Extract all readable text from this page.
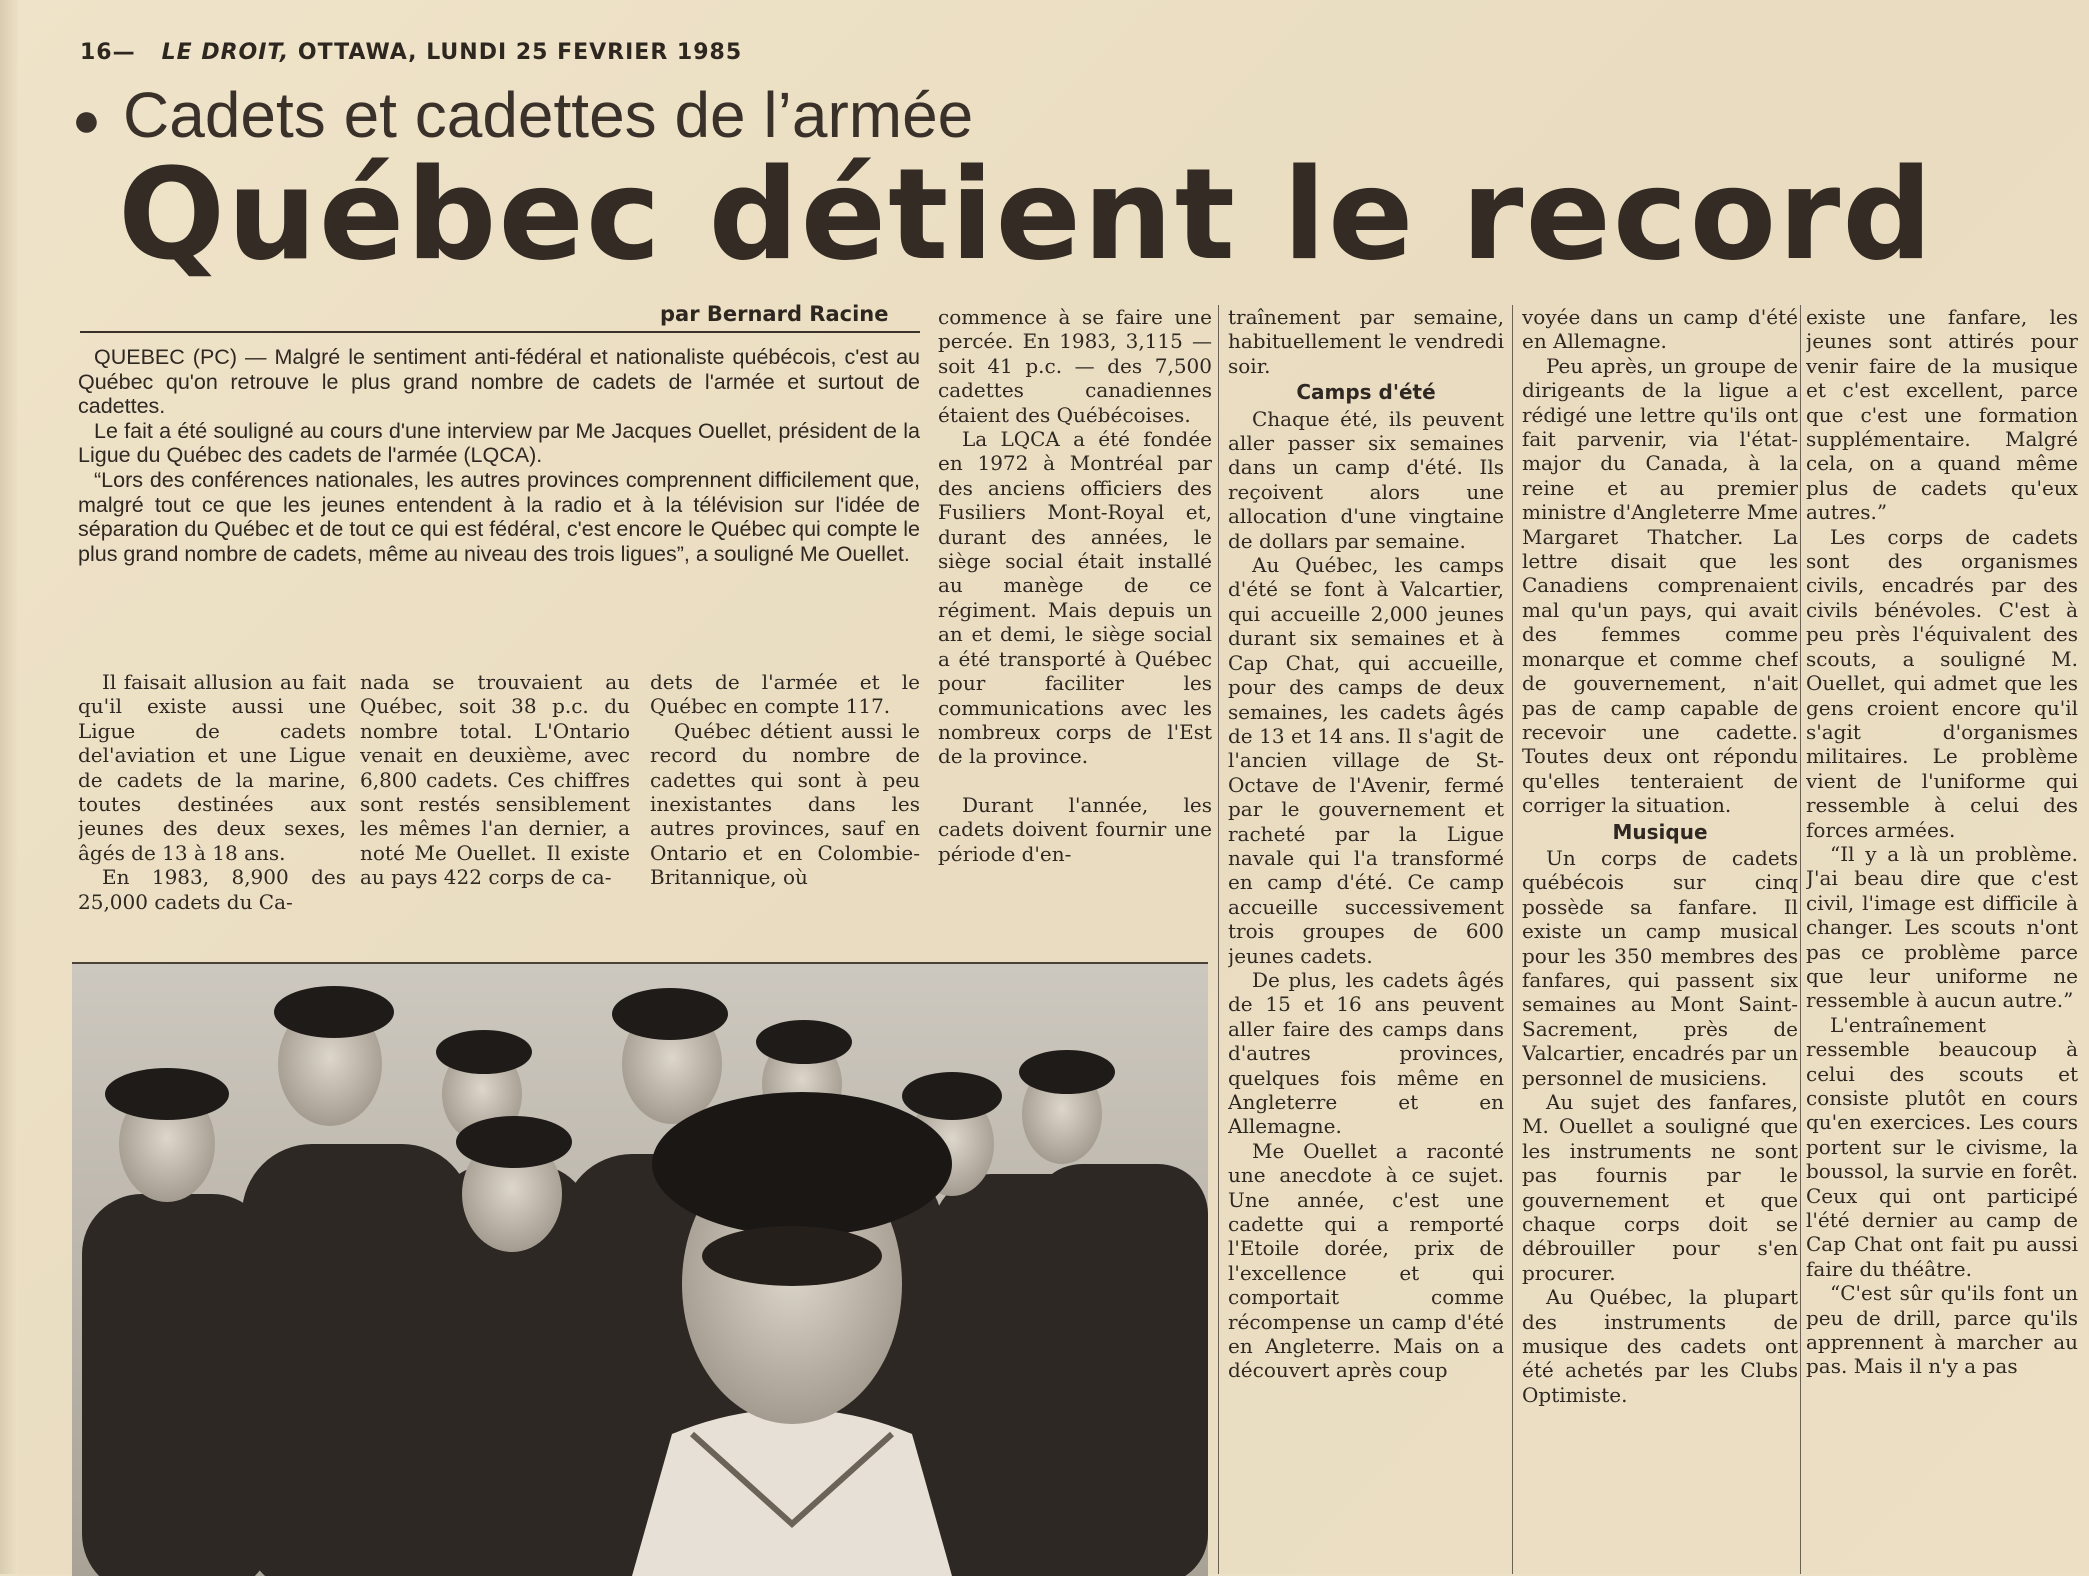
16— LE DROIT, OTTAWA, LUNDI 25 FEVRIER 1985
● Cadets et cadettes de l’armée
Québec détient le record
par Bernard Racine

QUEBEC (PC) — Malgré le sentiment anti-fédéral et nationaliste québécois, c'est au Québec qu'on retrouve le plus grand nombre de cadets de l'armée et surtout de cadettes.

Le fait a été souligné au cours d'une interview par Me Jacques Ouellet, président de la Ligue du Québec des cadets de l'armée (LQCA).

“Lors des conférences nationales, les autres provinces comprennent difficilement que, malgré tout ce que les jeunes entendent à la radio et à la télévision sur l'idée de séparation du Québec et de tout ce qui est fédéral, c'est encore le Québec qui compte le plus grand nombre de cadets, même au niveau des trois ligues”, a souligné Me Ouellet.

Il faisait allusion au fait qu'il existe aussi une Ligue de cadets del'aviation et une Ligue de cadets de la marine, toutes destinées aux jeunes des deux sexes, âgés de 13 à 18 ans.

En 1983, 8,900 des 25,000 cadets du Ca-

nada se trouvaient au Québec, soit 38 p.c. du nombre total. L'Ontario venait en deuxième, avec 6,800 cadets. Ces chiffres sont restés sensiblement les mêmes l'an dernier, a noté Me Ouellet. Il existe au pays 422 corps de ca-

dets de l'armée et le Québec en compte 117.

Québec détient aussi le record du nombre de cadettes qui sont à peu inexistantes dans les autres provinces, sauf en Ontario et en Colombie-Britannique, où

commence à se faire une percée. En 1983, 3,115 —soit 41 p.c. — des 7,500 cadettes canadiennes étaient des Québécoises.

La LQCA a été fondée en 1972 à Montréal par des anciens officiers des Fusiliers Mont-Royal et, durant des années, le siège social était installé au manège de ce régiment. Mais depuis un an et demi, le siège social a été transporté à Québec pour faciliter les communications avec les nombreux corps de l'Est de la province.

Durant l'année, les cadets doivent fournir une période d'en-

traînement par semaine, habituellement le vendredi soir.

Camps d'été

Chaque été, ils peuvent aller passer six semaines dans un camp d'été. Ils reçoivent alors une allocation d'une vingtaine de dollars par semaine.

Au Québec, les camps d'été se font à Valcartier, qui accueille 2,000 jeunes durant six semaines et à Cap Chat, qui accueille, pour des camps de deux semaines, les cadets âgés de 13 et 14 ans. Il s'agit de l'ancien village de St-Octave de l'Avenir, fermé par le gouvernement et racheté par la Ligue navale qui l'a transformé en camp d'été. Ce camp accueille successivement trois groupes de 600 jeunes cadets.

De plus, les cadets âgés de 15 et 16 ans peuvent aller faire des camps dans d'autres provinces, quelques fois même en Angleterre et en Allemagne.

Me Ouellet a raconté une anecdote à ce sujet. Une année, c'est une cadette qui a remporté l'Etoile dorée, prix de l'excellence et qui comportait comme récompense un camp d'été en Angleterre. Mais on a découvert après coup

voyée dans un camp d'été en Allemagne.

Peu après, un groupe de dirigeants de la ligue a rédigé une lettre qu'ils ont fait parvenir, via l'état-major du Canada, à la reine et au premier ministre d'Angleterre Mme Margaret Thatcher. La lettre disait que les Canadiens comprenaient mal qu'un pays, qui avait des femmes comme monarque et comme chef de gouvernement, n'ait pas de camp capable de recevoir une cadette. Toutes deux ont répondu qu'elles tenteraient de corriger la situation.

Musique

Un corps de cadets québécois sur cinq possède sa fanfare. Il existe un camp musical pour les 350 membres des fanfares, qui passent six semaines au Mont Saint-Sacrement, près de Valcartier, encadrés par un personnel de musiciens.

Au sujet des fanfares, M. Ouellet a souligné que les instruments ne sont pas fournis par le gouvernement et que chaque corps doit se débrouiller pour s'en procurer.

Au Québec, la plupart des instruments de musique des cadets ont été achetés par les Clubs Optimiste.

existe une fanfare, les jeunes sont attirés pour venir faire de la musique et c'est excellent, parce que c'est une formation supplémentaire. Malgré cela, on a quand même plus de cadets qu'eux autres.”

Les corps de cadets sont des organismes civils, encadrés par des civils bénévoles. C'est à peu près l'équivalent des scouts, a souligné M. Ouellet, qui admet que les gens croient encore qu'il s'agit d'organismes militaires. Le problème vient de l'uniforme qui ressemble à celui des forces armées.

“Il y a là un problème. J'ai beau dire que c'est civil, l'image est difficile à changer. Les scouts n'ont pas ce problème parce que leur uniforme ne ressemble à aucun autre.”

L'entraînement ressemble beaucoup à celui des scouts et consiste plutôt en cours qu'en exercices. Les cours portent sur le civisme, la boussol, la survie en forêt. Ceux qui ont participé l'été dernier au camp de Cap Chat ont fait pu aussi faire du théâtre.

“C'est sûr qu'ils font un peu de drill, parce qu'ils apprennent à marcher au pas. Mais il n'y a pas
